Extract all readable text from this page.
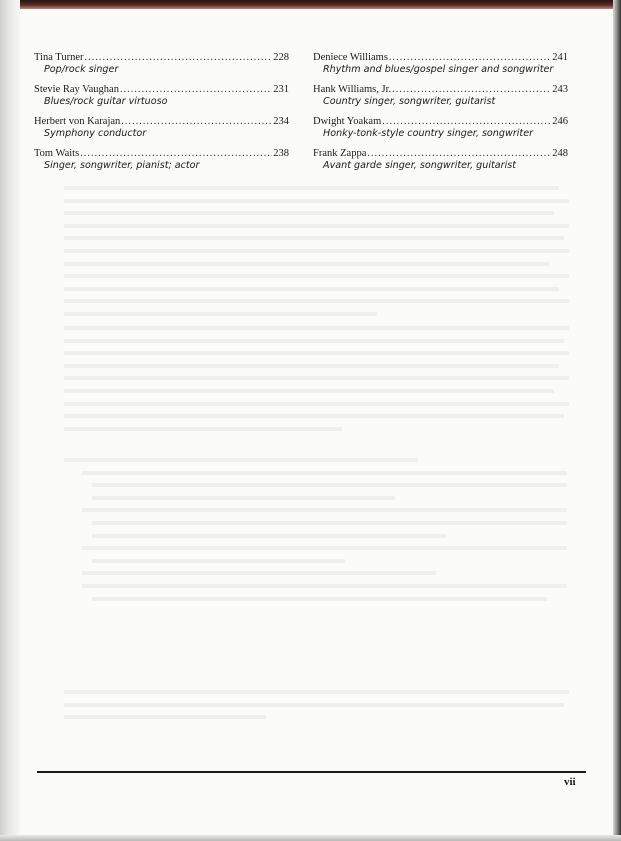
Tina Turner .....	228
Pop/rock singer
Stevie Ray Vaughan .....	231
Blues/rock guitar virtuoso
Herbert von Karajan .....	234
Symphony conductor
Tom Waits .....	238
Singer, songwriter, pianist; actor
Deniece Williams .....	241
Rhythm and blues/gospel singer and songwriter
Hank Williams, Jr. .....	243
Country singer, songwriter, guitarist
Dwight Yoakam .....	246
Honky-tonk-style country singer, songwriter
Frank Zappa .....	248
Avant garde singer, songwriter, guitarist
vii
